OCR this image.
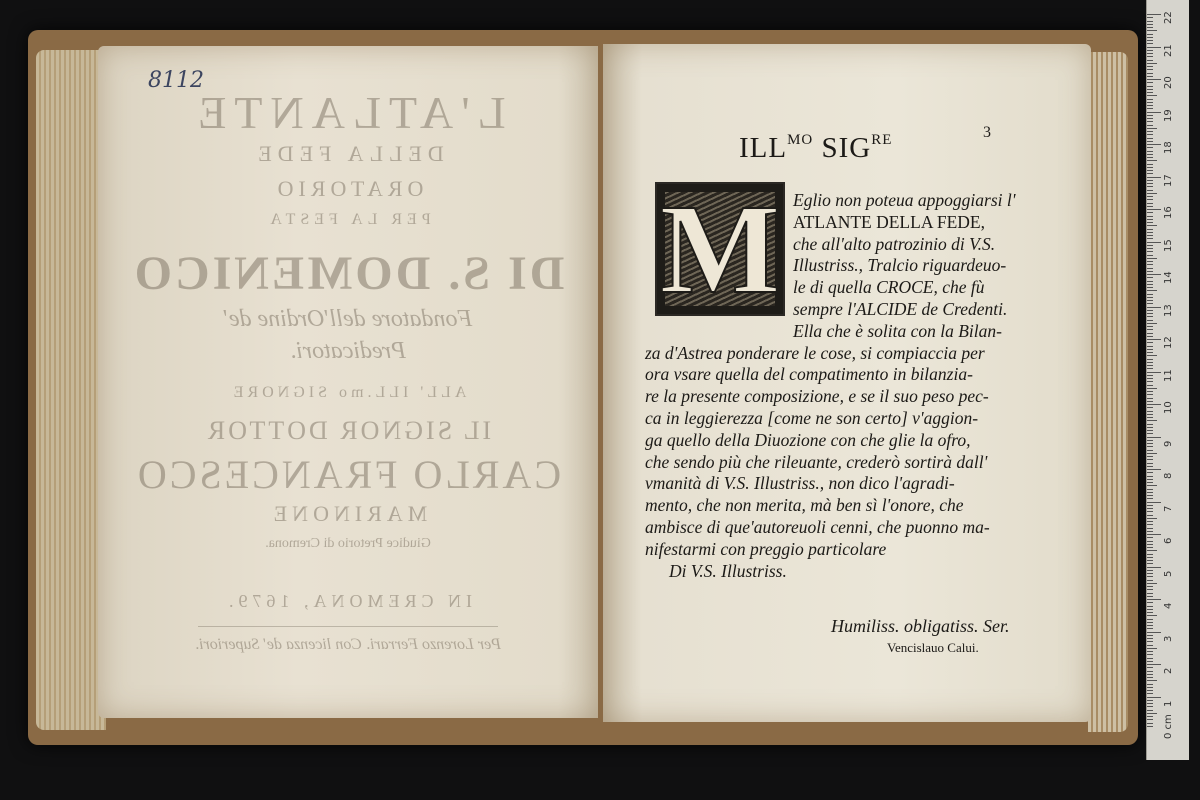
L'ATLANTE
DELLA FEDE
ORATORIO
PER LA FESTA
DI S. DOMENICO
Fondatore dell'Ordine de'
Predicatori.
ALL' ILL.mo SIGNORE
IL SIGNOR DOTTOR
CARLO FRANCESCO
MARINONE
Giudice Pretorio di Cremona.
IN CREMONA, 1679.
Per Lorenzo Ferrari. Con licenza de' Superiori.
8112
3
$ILL^{MO}$ $SIG^{RE}$
M Eglio non poteua appoggiarsi l'
ATLANTE DELLA FEDE,
che all'alto patrozinio di V.S.
Illustriss., Tralcio riguardeuo-
le di quella CROCE, che fù
sempre l'ALCIDE de Credenti.
Ella che è solita con la Bilan-
za d'Astrea ponderare le cose, si compiaccia per
ora vsare quella del compatimento in bilanzia-
re la presente composizione, e se il suo peso pec-
ca in leggierezza [come ne son certo] v'aggion-
ga quello della Diuozione con che glie la ofro,
che sendo più che rileuante, crederò sortirà dall'
vmanità di V.S. Illustriss., non dico l'agradi-
mento, che non merita, mà ben sì l'onore, che
ambisce di que'autoreuoli cenni, che puonno ma-
nifestarmi con preggio particolare
Di V.S. Illustriss.
Humiliss. obligatiss. Ser.
Vencislauo Calui.
22
21
20
19
18
17
16
15
14
13
12
11
10
9
8
7
6
5
4
3
2
1
0 cm
